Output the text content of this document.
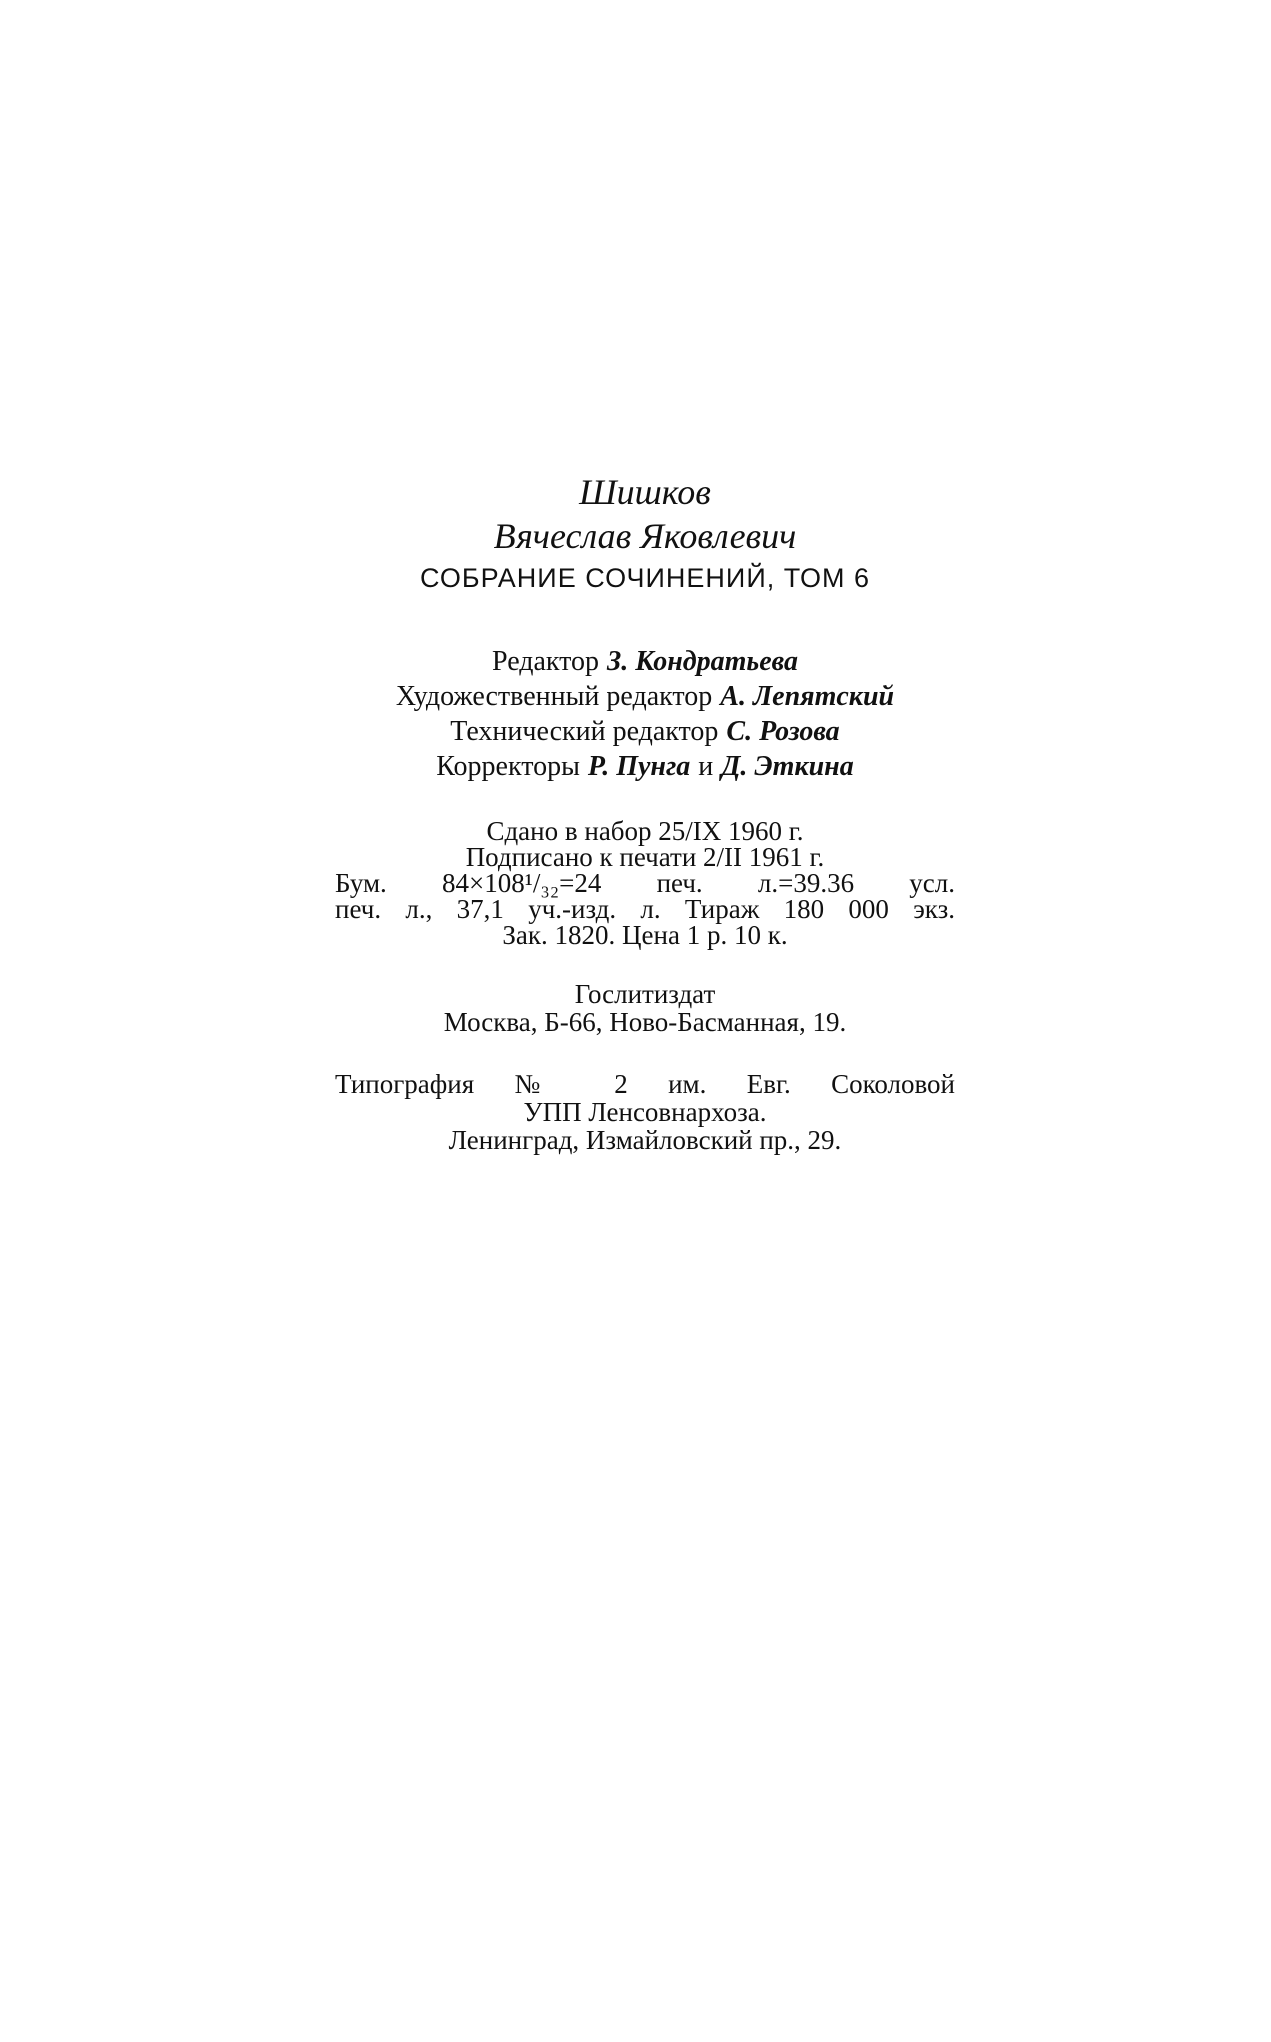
Шишков

Вячеслав Яковлевич

СОБРАНИЕ СОЧИНЕНИЙ, ТОМ 6

Редактор З. Кондратьева

Художественный редактор А. Лепятский

Технический редактор С. Розова

Корректоры Р. Пунга и Д. Эткина

Сдано в набор 25/IX 1960 г.

Подписано к печати 2/II 1961 г.

Бум. 84×108¹/₃₂=24 печ. л.=39.36 усл.

печ. л., 37,1 уч.-изд. л. Тираж 180 000 экз.

Зак. 1820. Цена 1 р. 10 к.

Гослитиздат

Москва, Б-66, Ново-Басманная, 19.

Типография № 2 им. Евг. Соколовой

УПП Ленсовнархоза.

Ленинград, Измайловский пр., 29.
